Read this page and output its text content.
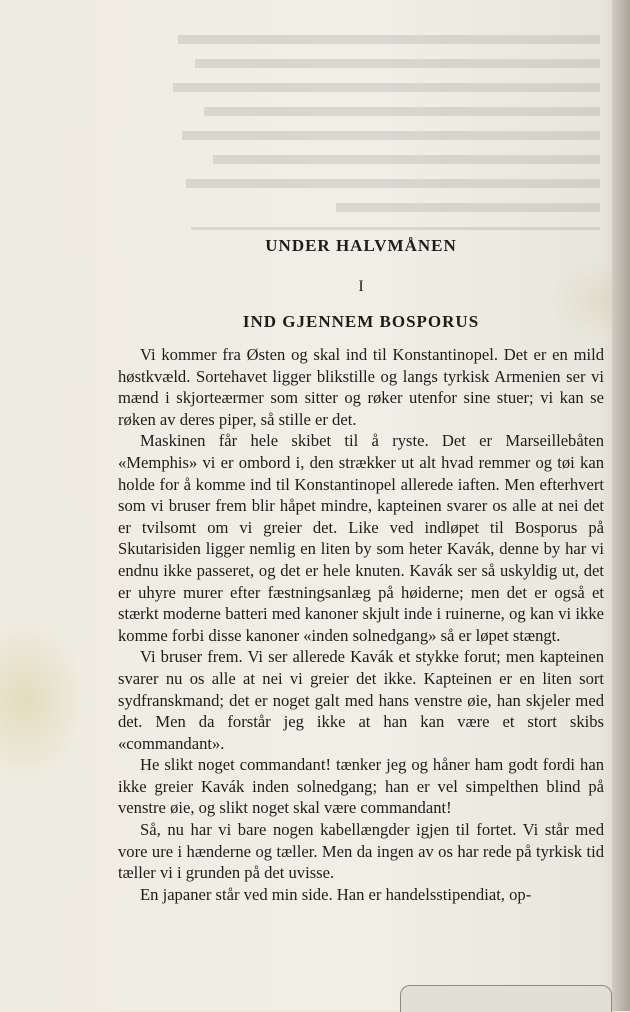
UNDER HALVMÅNEN
I
IND GJENNEM BOSPORUS

Vi kommer fra Østen og skal ind til Konstantinopel. Det er en mild høstkvæld. Sortehavet ligger blikstille og langs tyrkisk Armenien ser vi mænd i skjorteærmer som sitter og røker utenfor sine stuer; vi kan se røken av deres piper, så stille er det.

Maskinen får hele skibet til å ryste. Det er Marseillebåten «Memphis» vi er ombord i, den strækker ut alt hvad remmer og tøi kan holde for å komme ind til Konstantinopel allerede iaften. Men efterhvert som vi bruser frem blir håpet mindre, kapteinen svarer os alle at nei det er tvilsomt om vi greier det. Like ved indløpet til Bosporus på Skutarisiden ligger nemlig en liten by som heter Kavák, denne by har vi endnu ikke passeret, og det er hele knuten. Kavák ser så uskyldig ut, det er uhyre murer efter fæstningsanlæg på høiderne; men det er også et stærkt moderne batteri med kanoner skjult inde i ruinerne, og kan vi ikke komme forbi disse kanoner «inden solnedgang» så er løpet stængt.

Vi bruser frem. Vi ser allerede Kavák et stykke forut; men kapteinen svarer nu os alle at nei vi greier det ikke. Kapteinen er en liten sort sydfranskmand; det er noget galt med hans venstre øie, han skjeler med det. Men da forstår jeg ikke at han kan være et stort skibs «commandant».

He slikt noget commandant! tænker jeg og håner ham godt fordi han ikke greier Kavák inden solnedgang; han er vel simpelthen blind på venstre øie, og slikt noget skal være commandant!

Så, nu har vi bare nogen kabellængder igjen til fortet. Vi står med vore ure i hænderne og tæller. Men da ingen av os har rede på tyrkisk tid tæller vi i grunden på det uvisse.

En japaner står ved min side. Han er handelsstipendiat, op-
